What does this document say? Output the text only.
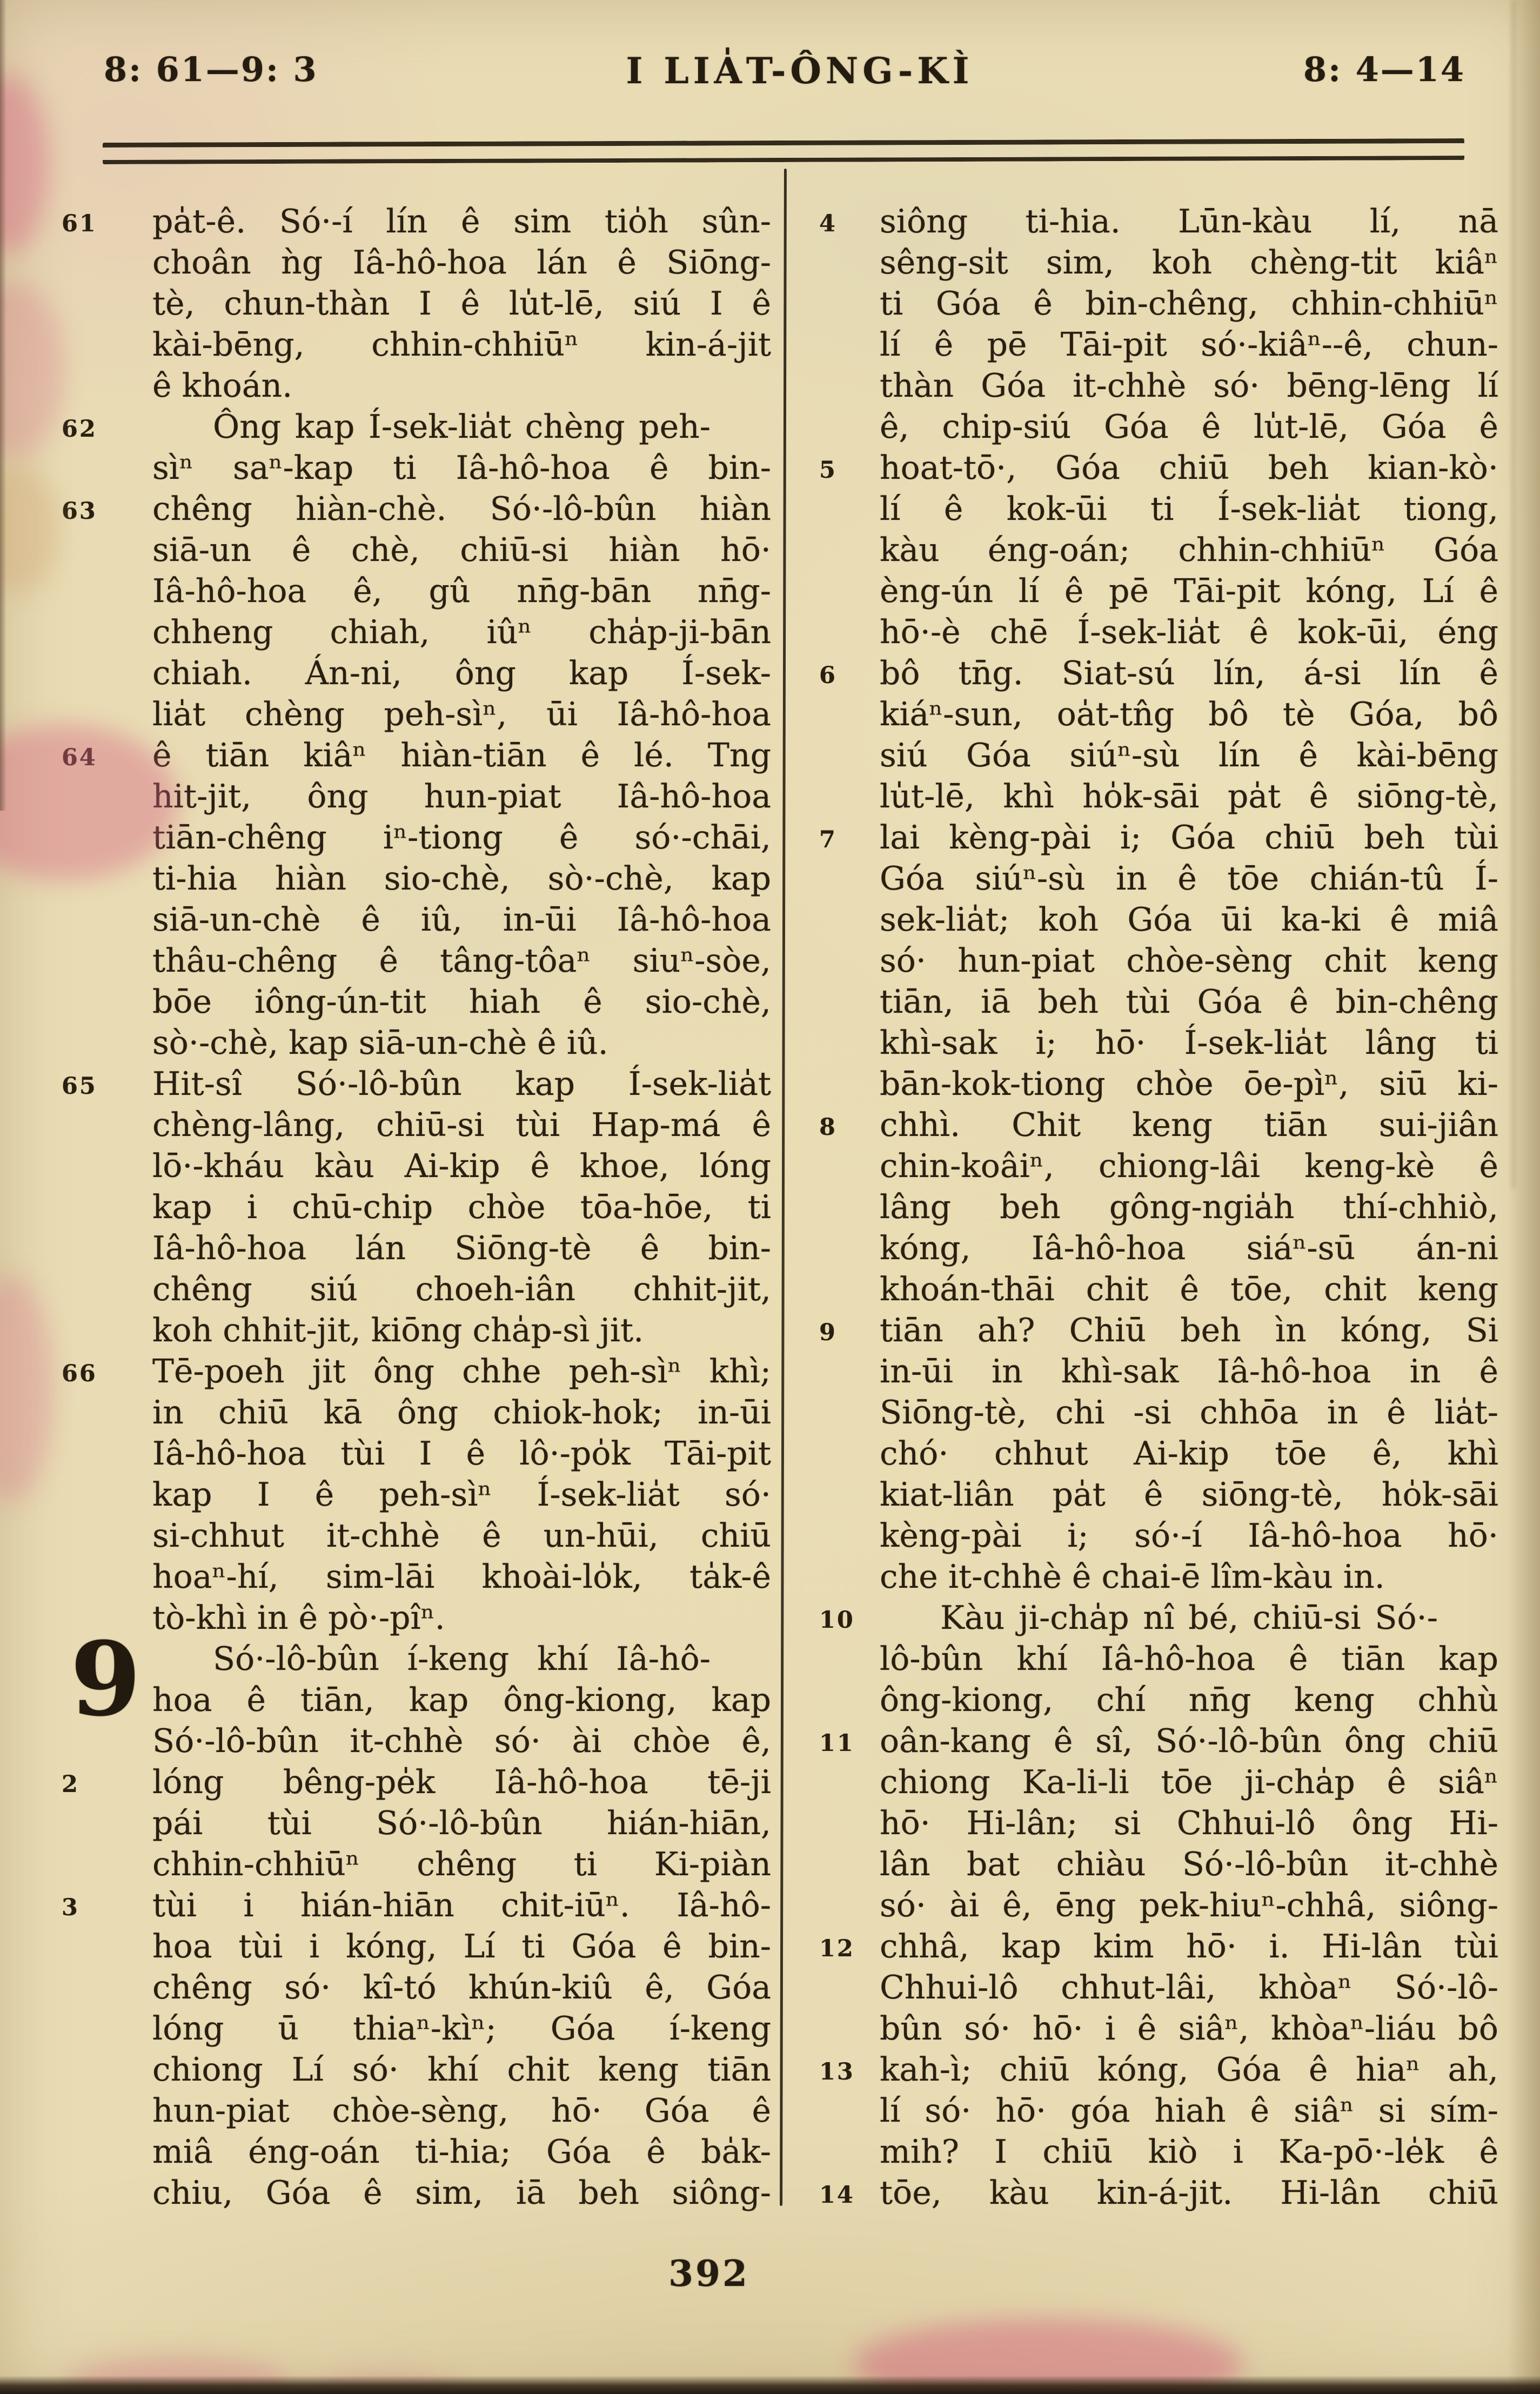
8: 61—9: 3	I LIA̍T-ÔNG-KÌ	8: 4—14
61	pa̍t-ê. Só·-í lín ê sim tio̍h sûn-
choân ǹg Iâ-hô-hoa lán ê Siōng-
tè, chun-thàn I ê lu̍t-lē, siú I ê
kài-bēng, chhin-chhiūⁿ kin-á-jit
ê khoán.
62	Ông kap Í-sek-lia̍t chèng peh-
sìⁿ saⁿ-kap ti Iâ-hô-hoa ê bin-
63	chêng hiàn-chè. Só·-lô-bûn hiàn
siā-un ê chè, chiū-si hiàn hō·
Iâ-hô-hoa ê, gû nn̄g-bān nn̄g-
chheng chiah, iûⁿ cha̍p-ji-bān
chiah. Án-ni, ông kap Í-sek-
lia̍t chèng peh-sìⁿ, ūi Iâ-hô-hoa
64	ê tiān kiâⁿ hiàn-tiān ê lé. Tng
hit-jit, ông hun-piat Iâ-hô-hoa
tiān-chêng iⁿ-tiong ê só·-chāi,
ti-hia hiàn sio-chè, sò·-chè, kap
siā-un-chè ê iû, in-ūi Iâ-hô-hoa
thâu-chêng ê tâng-tôaⁿ siuⁿ-sòe,
bōe iông-ún-tit hiah ê sio-chè,
sò·-chè, kap siā-un-chè ê iû.
65	Hit-sî Só·-lô-bûn kap Í-sek-lia̍t
chèng-lâng, chiū-si tùi Hap-má ê
lō·-kháu kàu Ai-kip ê khoe, lóng
kap i chū-chip chòe tōa-hōe, ti
Iâ-hô-hoa lán Siōng-tè ê bin-
chêng siú choeh-iân chhit-jit,
koh chhit-jit, kiōng cha̍p-sì jit.
66	Tē-poeh jit ông chhe peh-sìⁿ khì;
in chiū kā ông chiok-hok; in-ūi
Iâ-hô-hoa tùi I ê lô·-po̍k Tāi-pit
kap I ê peh-sìⁿ Í-sek-lia̍t só·
si-chhut it-chhè ê un-hūi, chiū
hoaⁿ-hí, sim-lāi khoài-lo̍k, ta̍k-ê
tò-khì in ê pò·-pîⁿ.
9 Só·-lô-bûn í-keng khí Iâ-hô-
hoa ê tiān, kap ông-kiong, kap
Só·-lô-bûn it-chhè só· ài chòe ê,
2	lóng bêng-pe̍k Iâ-hô-hoa tē-ji
pái tùi Só·-lô-bûn hián-hiān,
chhin-chhiūⁿ chêng ti Ki-piàn
3	tùi i hián-hiān chit-iūⁿ. Iâ-hô-
hoa tùi i kóng, Lí ti Góa ê bin-
chêng só· kî-tó khún-kiû ê, Góa
lóng ū thiaⁿ-kìⁿ; Góa í-keng
chiong Lí só· khí chit keng tiān
hun-piat chòe-sèng, hō· Góa ê
miâ éng-oán ti-hia; Góa ê ba̍k-
chiu, Góa ê sim, iā beh siông-
4	siông ti-hia. Lūn-kàu lí, nā
sêng-si̍t sim, koh chèng-ti̍t kiâⁿ
ti Góa ê bin-chêng, chhin-chhiūⁿ
lí ê pē Tāi-pit só·-kiâⁿ--ê, chun-
thàn Góa it-chhè só· bēng-lēng lí
ê, chip-siú Góa ê lu̍t-lē, Góa ê
5	hoat-tō·, Góa chiū beh kian-kò·
lí ê kok-ūi ti Í-sek-lia̍t tiong,
kàu éng-oán; chhin-chhiūⁿ Góa
èng-ún lí ê pē Tāi-pit kóng, Lí ê
hō·-è chē Í-sek-lia̍t ê kok-ūi, éng
6	bô tn̄g. Siat-sú lín, á-si lín ê
kiáⁿ-sun, oa̍t-tn̂g bô tè Góa, bô
siú Góa siúⁿ-sù lín ê kài-bēng
lu̍t-lē, khì ho̍k-sāi pa̍t ê siōng-tè,
7	lai kèng-pài i; Góa chiū beh tùi
Góa siúⁿ-sù in ê tōe chián-tû Í-
sek-lia̍t; koh Góa ūi ka-ki ê miâ
só· hun-piat chòe-sèng chit keng
tiān, iā beh tùi Góa ê bin-chêng
khì-sak i; hō· Í-sek-lia̍t lâng ti
bān-kok-tiong chòe ōe-pìⁿ, siū ki-
8	chhì. Chit keng tiān sui-jiân
chin-koâiⁿ, chiong-lâi keng-kè ê
lâng beh gông-ngia̍h thí-chhiò,
kóng, Iâ-hô-hoa siáⁿ-sū án-ni
khoán-thāi chit ê tōe, chit keng
9	tiān ah? Chiū beh ìn kóng, Si
in-ūi in khì-sak Iâ-hô-hoa in ê
Siōng-tè, chi -si chhōa in ê lia̍t-
chó· chhut Ai-kip tōe ê, khì
kiat-liân pa̍t ê siōng-tè, ho̍k-sāi
kèng-pài i; só·-í Iâ-hô-hoa hō·
che it-chhè ê chai-ē lîm-kàu in.
10	Kàu ji-cha̍p nî bé, chiū-si Só·-
lô-bûn khí Iâ-hô-hoa ê tiān kap
ông-kiong, chí nn̄g keng chhù
11 oân-kang ê sî, Só·-lô-bûn ông chiū
chiong Ka-li-li tōe ji-cha̍p ê siâⁿ
hō· Hi-lân; si Chhui-lô ông Hi-
lân bat chiàu Só·-lô-bûn it-chhè
só· ài ê, ēng pek-hiuⁿ-chhâ, siông-
12 chhâ, kap kim hō· i. Hi-lân tùi
Chhui-lô chhut-lâi, khòaⁿ Só·-lô-
bûn só· hō· i ê siâⁿ, khòaⁿ-liáu bô
13 kah-ì; chiū kóng, Góa ê hiaⁿ ah,
lí só· hō· góa hiah ê siâⁿ si sím-
mih? I chiū kiò i Ka-pō·-le̍k ê
14 tōe, kàu kin-á-jit. Hi-lân chiū
392
